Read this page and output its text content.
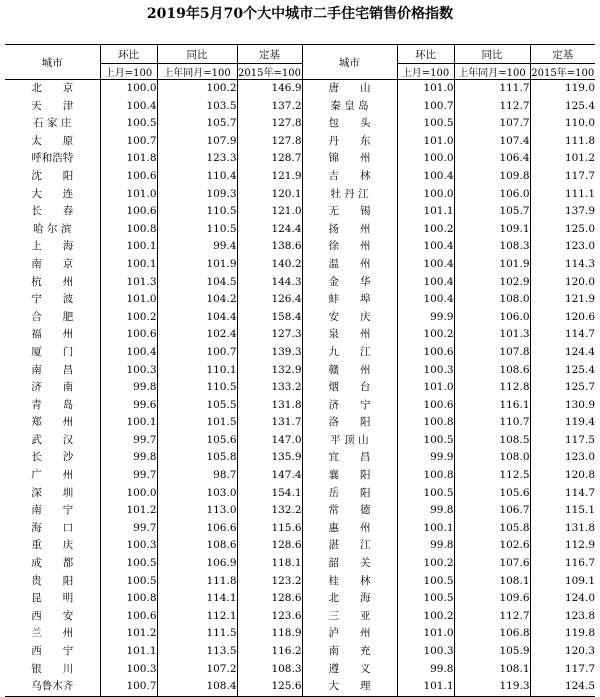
2019年5月70个大中城市二手住宅销售价格指数

城市	环比	同比	定基	城市	环比	同比	定基
	上月=100	上年同月=100	2015年=100		上月=100	上年同月=100	2015年=100
北　　京	100.0	100.2	146.9	唐　　山	101.0	111.7	119.0
天　　津	100.4	103.5	137.2	秦 皇 岛	100.7	112.7	125.4
石 家 庄	100.5	105.7	127.8	包　　头	100.5	107.7	110.0
太　　原	100.7	107.9	127.8	丹　　东	101.0	107.4	111.8
呼和浩特	101.8	123.3	128.7	锦　　州	100.0	106.4	101.2
沈　　阳	100.6	110.4	121.9	吉　　林	100.4	109.8	117.7
大　　连	101.0	109.3	120.1	牡 丹 江	100.0	106.0	111.1
长　　春	100.6	110.5	121.0	无　　锡	101.1	105.7	137.9
哈 尔 滨	100.8	110.5	124.4	扬　　州	100.2	109.1	125.0
上　　海	100.1	99.4	138.6	徐　　州	100.4	108.3	123.0
南　　京	100.1	101.9	140.2	温　　州	100.4	101.9	114.3
杭　　州	101.3	104.5	144.3	金　　华	100.4	102.9	120.0
宁　　波	101.0	104.2	126.4	蚌　　埠	100.4	108.0	121.9
合　　肥	100.2	104.4	158.4	安　　庆	99.9	106.0	120.6
福　　州	100.6	102.4	127.3	泉　　州	100.2	101.3	114.7
厦　　门	100.4	100.7	139.3	九　　江	100.6	107.8	124.4
南　　昌	100.3	110.1	132.9	赣　　州	100.3	108.6	125.4
济　　南	99.8	110.5	133.2	烟　　台	101.0	112.8	125.7
青　　岛	99.6	105.5	131.8	济　　宁	100.6	116.1	130.9
郑　　州	100.1	101.5	131.7	洛　　阳	100.8	110.7	119.4
武　　汉	99.7	105.6	147.0	平 顶 山	100.5	108.5	117.5
长　　沙	99.8	105.8	135.9	宜　　昌	99.9	108.0	123.0
广　　州	99.7	98.7	147.4	襄　　阳	100.8	112.5	120.8
深　　圳	100.0	103.0	154.1	岳　　阳	100.5	105.6	114.7
南　　宁	101.2	113.0	132.2	常　　德	99.8	106.7	115.1
海　　口	99.7	106.6	115.6	惠　　州	100.1	105.8	131.8
重　　庆	100.3	108.6	128.6	湛　　江	99.8	102.6	112.9
成　　都	100.5	106.9	118.1	韶　　关	100.2	107.6	116.7
贵　　阳	100.5	111.8	123.2	桂　　林	100.5	108.1	109.1
昆　　明	100.8	114.1	128.6	北　　海	100.5	109.6	124.0
西　　安	100.6	112.1	123.6	三　　亚	100.2	112.7	123.8
兰　　州	101.2	111.5	118.9	泸　　州	101.0	106.8	119.8
西　　宁	101.1	113.5	116.2	南　　充	100.3	105.9	120.3
银　　川	100.3	107.2	108.3	遵　　义	99.8	108.1	117.7
乌鲁木齐	100.7	108.4	125.6	大　　理	101.1	119.3	124.5
